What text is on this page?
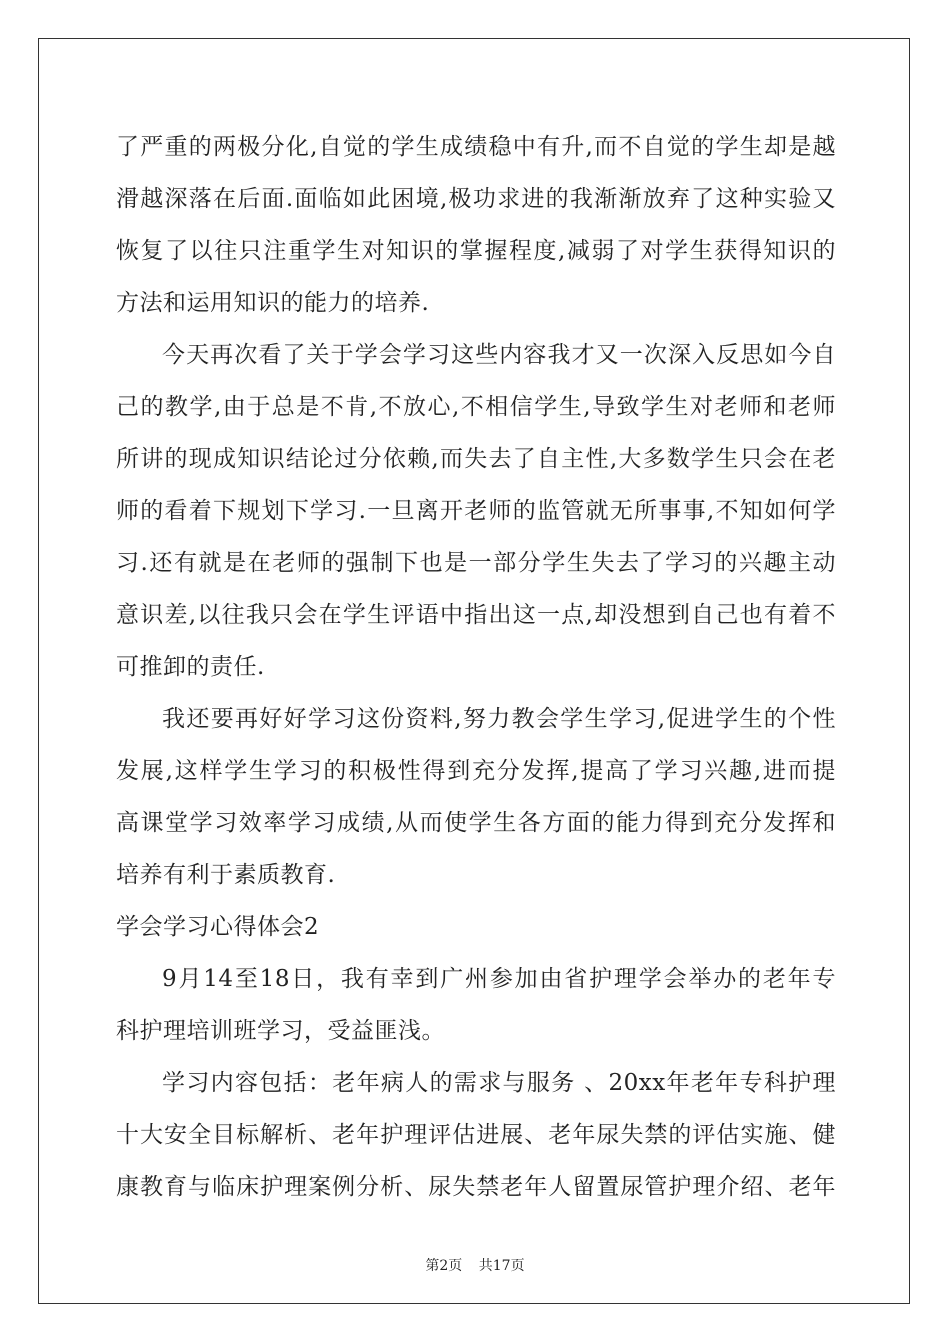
了严重的两极分化,自觉的学生成绩稳中有升,而不自觉的学生却是越
滑越深落在后面.面临如此困境,极功求进的我渐渐放弃了这种实验又
恢复了以往只注重学生对知识的掌握程度,减弱了对学生获得知识的
方法和运用知识的能力的培养.
今天再次看了关于学会学习这些内容我才又一次深入反思如今自
己的教学,由于总是不肯,不放心,不相信学生,导致学生对老师和老师
所讲的现成知识结论过分依赖,而失去了自主性,大多数学生只会在老
师的看着下规划下学习.一旦离开老师的监管就无所事事,不知如何学
习.还有就是在老师的强制下也是一部分学生失去了学习的兴趣主动
意识差,以往我只会在学生评语中指出这一点,却没想到自己也有着不
可推卸的责任.
我还要再好好学习这份资料,努力教会学生学习,促进学生的个性
发展,这样学生学习的积极性得到充分发挥,提高了学习兴趣,进而提
高课堂学习效率学习成绩,从而使学生各方面的能力得到充分发挥和
培养有利于素质教育.
学会学习心得体会2
9月14至18日，我有幸到广州参加由省护理学会举办的老年专
科护理培训班学习，受益匪浅。
学习内容包括：老年病人的需求与服务 、20xx年老年专科护理
十大安全目标解析、老年护理评估进展、老年尿失禁的评估实施、健
康教育与临床护理案例分析、尿失禁老年人留置尿管护理介绍、老年
第2页 共17页
